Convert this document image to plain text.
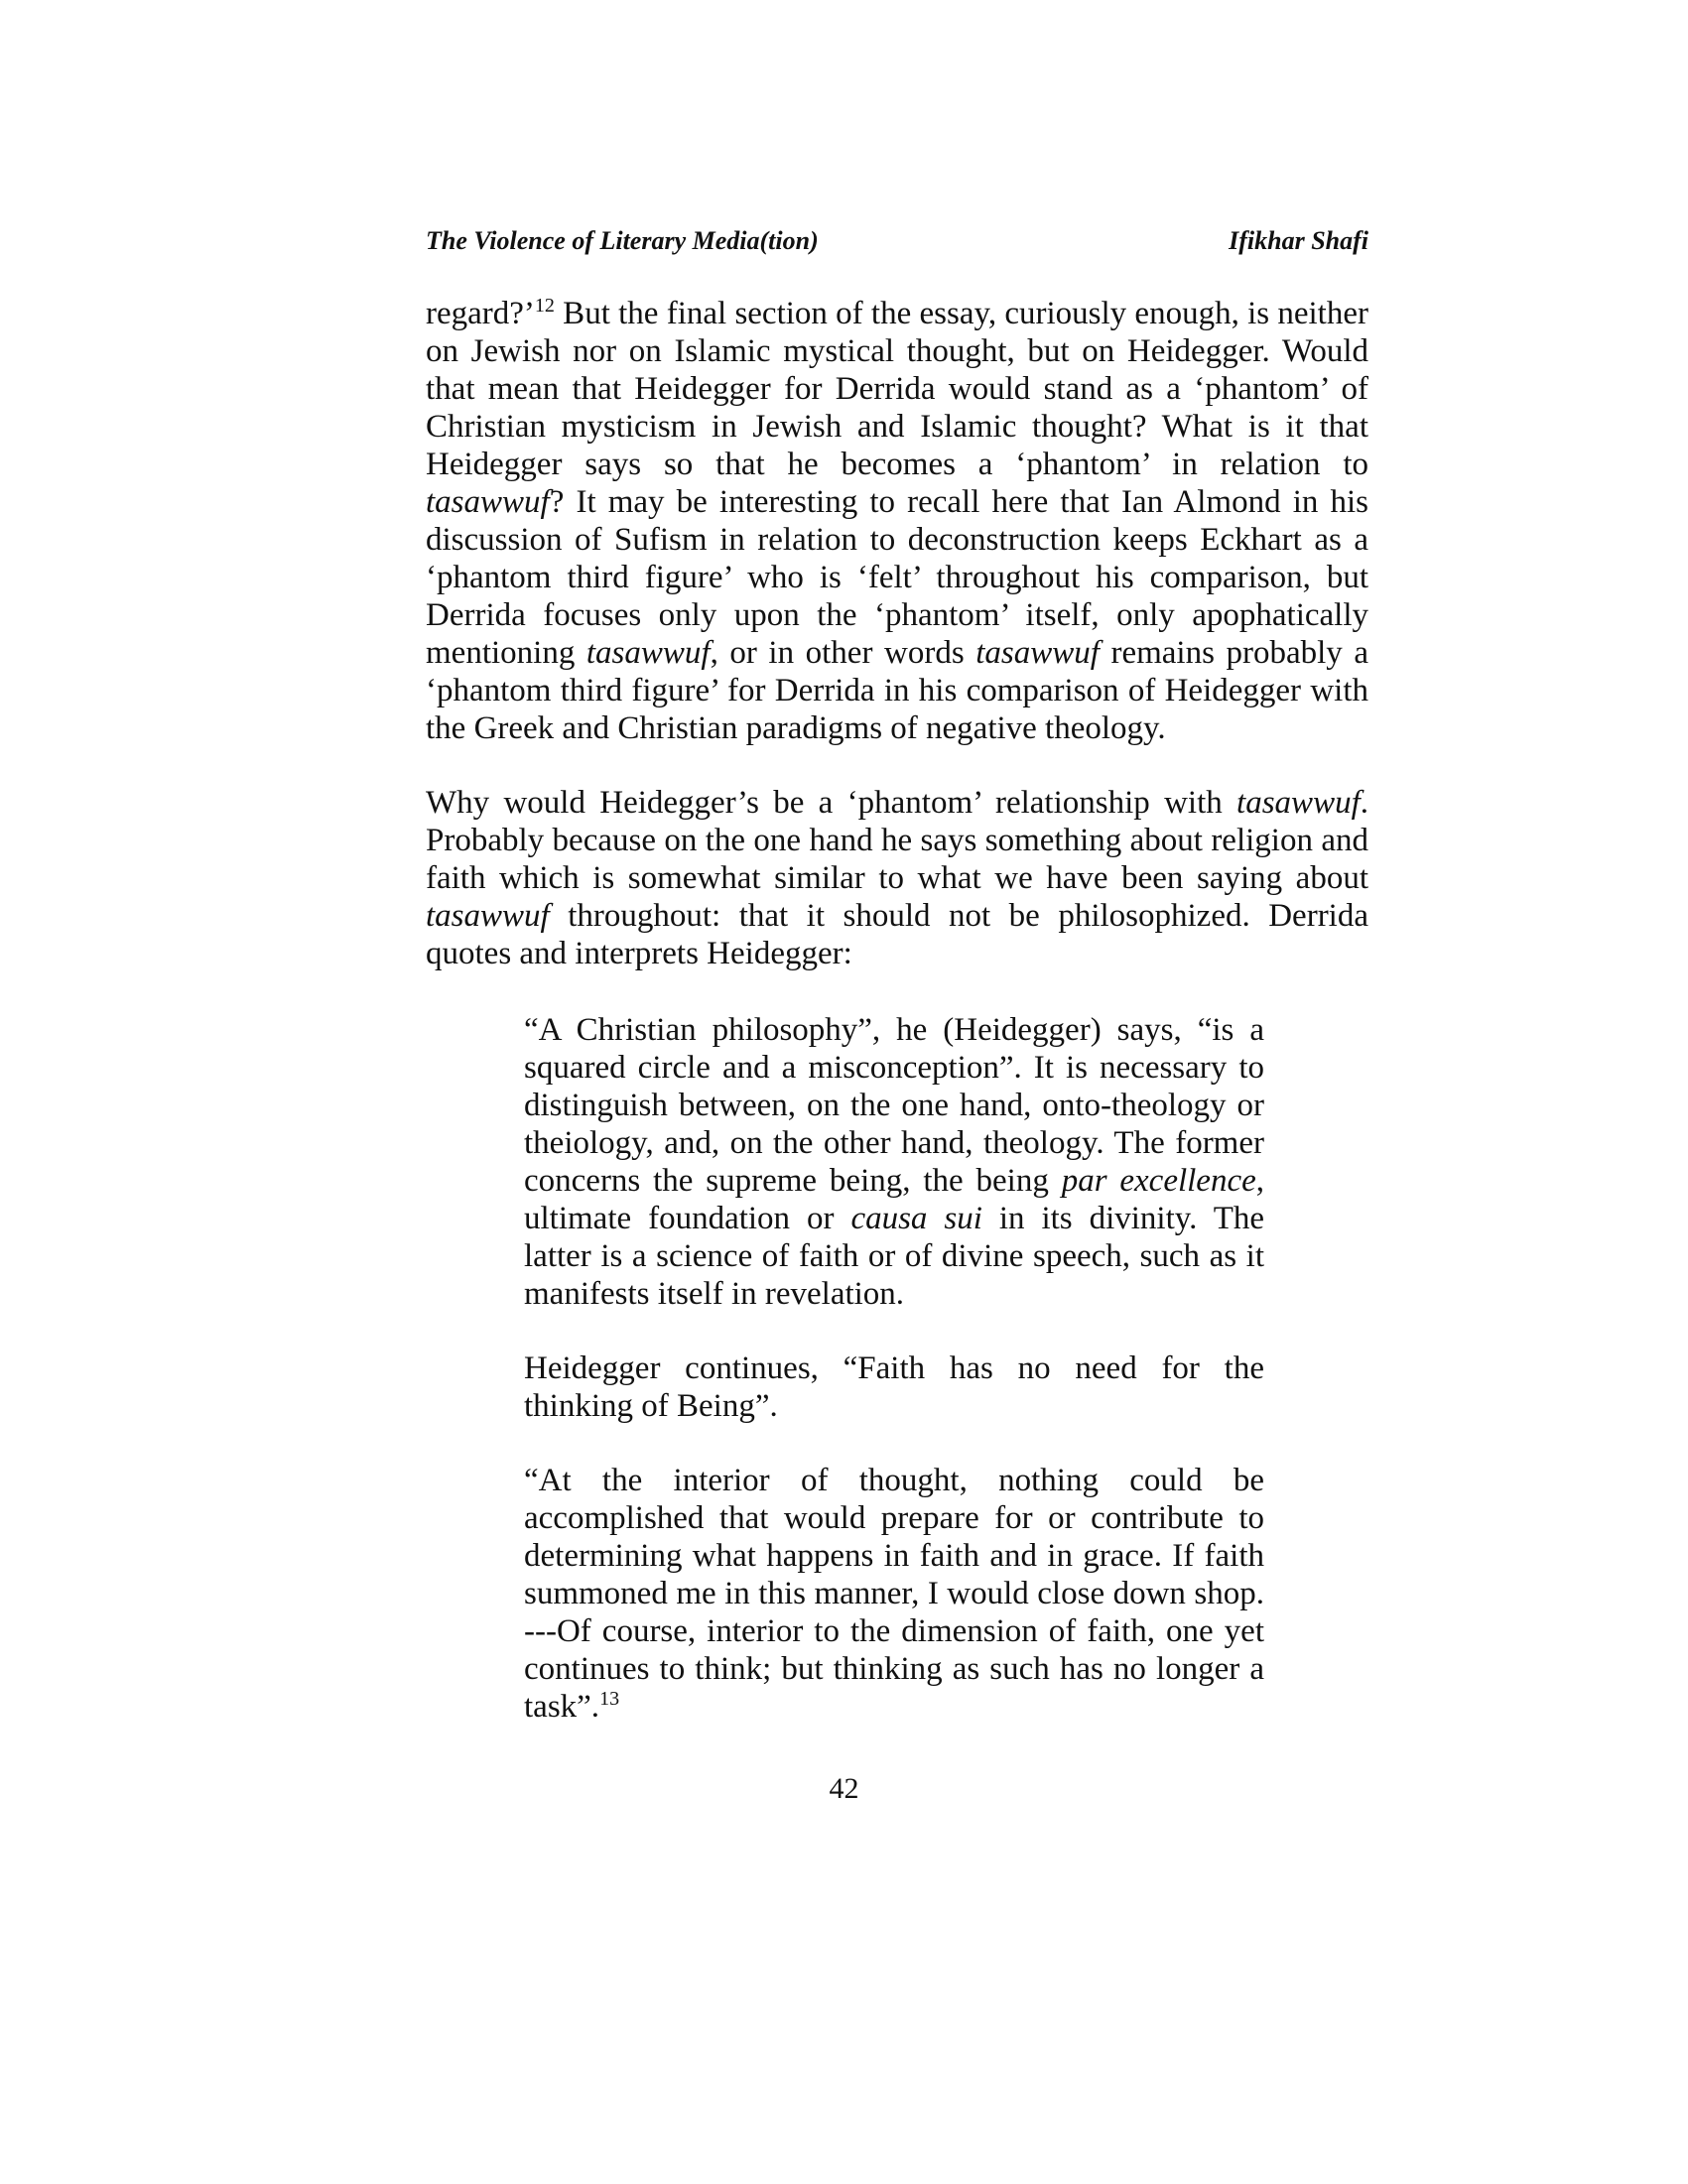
The Violence of Literary Media(tion)	Ifikhar Shafi

regard?’$^{12}$ But the final section of the essay, curiously enough, is neither on Jewish nor on Islamic mystical thought, but on Heidegger. Would that mean that Heidegger for Derrida would stand as a ‘phantom’ of Christian mysticism in Jewish and Islamic thought? What is it that Heidegger says so that he becomes a ‘phantom’ in relation to tasawwuf? It may be interesting to recall here that Ian Almond in his discussion of Sufism in relation to deconstruction keeps Eckhart as a ‘phantom third figure’ who is ‘felt’ throughout his comparison, but Derrida focuses only upon the ‘phantom’ itself, only apophatically mentioning tasawwuf, or in other words tasawwuf remains probably a ‘phantom third figure’ for Derrida in his comparison of Heidegger with the Greek and Christian paradigms of negative theology.

Why would Heidegger’s be a ‘phantom’ relationship with tasawwuf. Probably because on the one hand he says something about religion and faith which is somewhat similar to what we have been saying about tasawwuf throughout: that it should not be philosophized. Derrida quotes and interprets Heidegger:

“A Christian philosophy”, he (Heidegger) says, “is a squared circle and a misconception”. It is necessary to distinguish between, on the one hand, onto-theology or theiology, and, on the other hand, theology. The former concerns the supreme being, the being par excellence, ultimate foundation or causa sui in its divinity. The latter is a science of faith or of divine speech, such as it manifests itself in revelation.

Heidegger continues, “Faith has no need for the thinking of Being”.

“At the interior of thought, nothing could be accomplished that would prepare for or contribute to determining what happens in faith and in grace. If faith summoned me in this manner, I would close down shop. ---Of course, interior to the dimension of faith, one yet continues to think; but thinking as such has no longer a task”.$^{13}$

42
